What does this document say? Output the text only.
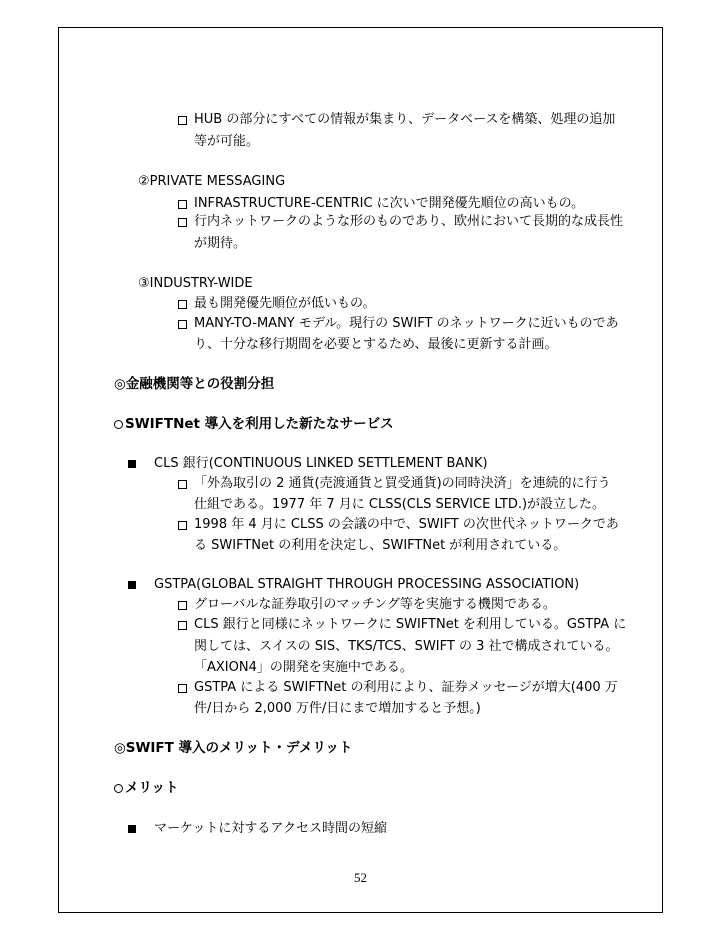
HUB の部分にすべての情報が集まり、データベースを構築、処理の追加
等が可能。
②PRIVATE MESSAGING
INFRASTRUCTURE-CENTRIC に次いで開発優先順位の高いもの。
行内ネットワークのような形のものであり、欧州において長期的な成長性
が期待。
③INDUSTRY-WIDE
最も開発優先順位が低いもの。
MANY-TO-MANY モデル。現行の SWIFT のネットワークに近いものであ
り、十分な移行期間を必要とするため、最後に更新する計画。
◎金融機関等との役割分担
SWIFTNet 導入を利用した新たなサービス
CLS 銀行(CONTINUOUS LINKED SETTLEMENT BANK)
「外為取引の 2 通貨(売渡通貨と買受通貨)の同時決済」を連続的に行う
仕組である。1977 年 7 月に CLSS(CLS SERVICE LTD.)が設立した。
1998 年 4 月に CLSS の会議の中で、SWIFT の次世代ネットワークであ
る SWIFTNet の利用を決定し、SWIFTNet が利用されている。
GSTPA(GLOBAL STRAIGHT THROUGH PROCESSING ASSOCIATION)
グローバルな証券取引のマッチング等を実施する機関である。
CLS 銀行と同様にネットワークに SWIFTNet を利用している。GSTPA に
関しては、スイスの SIS、TKS/TCS、SWIFT の 3 社で構成されている。
「AXION4」の開発を実施中である。
GSTPA による SWIFTNet の利用により、証券メッセージが増大(400 万
件/日から 2,000 万件/日にまで増加すると予想。)
◎SWIFT 導入のメリット・デメリット
メリット
マーケットに対するアクセス時間の短縮
52
